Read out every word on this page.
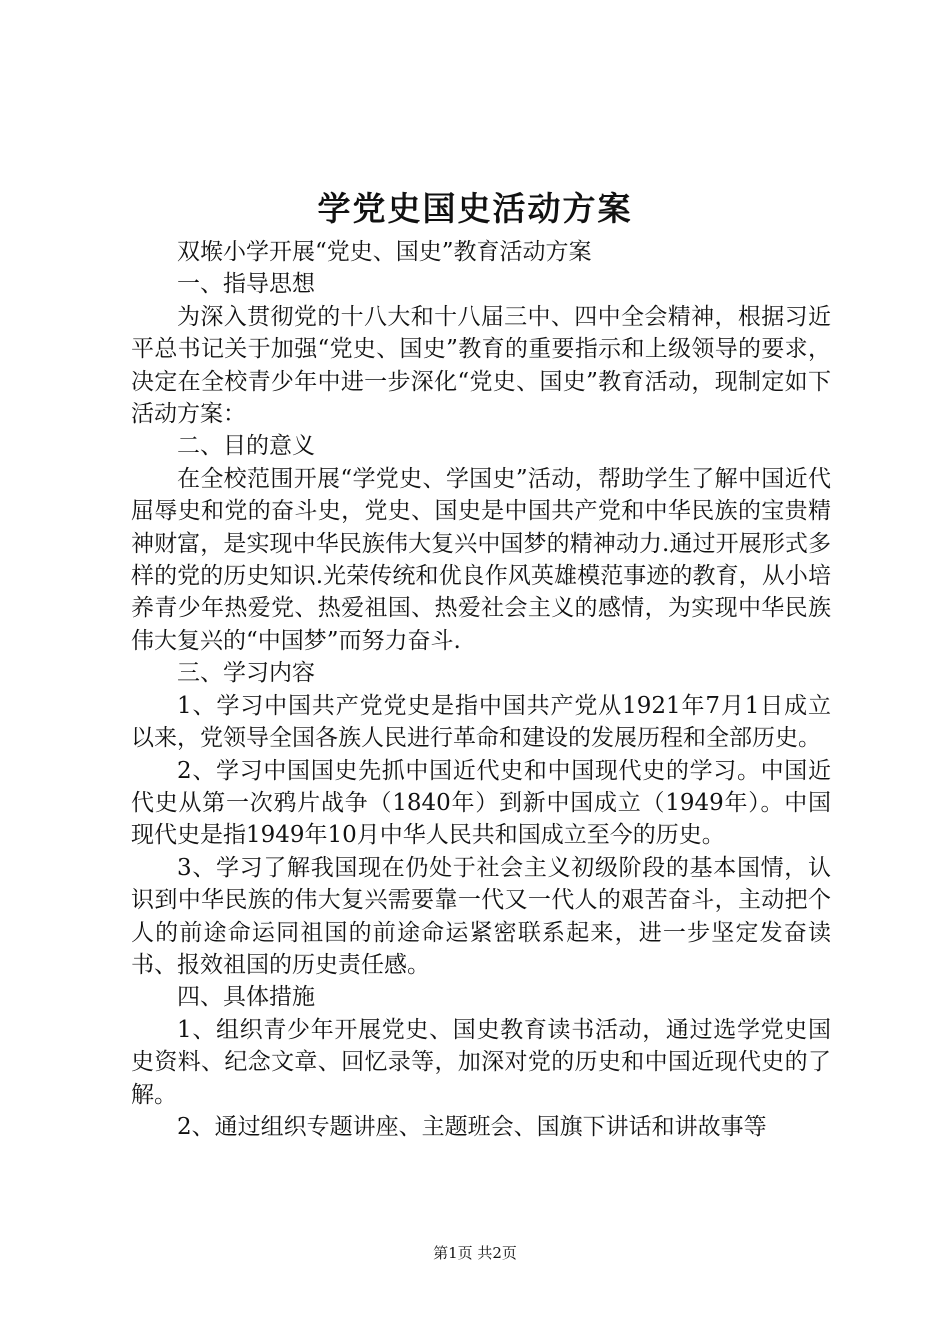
学党史国史活动方案

双堠小学开展“党史、国史”教育活动方案

一、指导思想

为深入贯彻党的十八大和十八届三中、四中全会精神，根据习近平总书记关于加强“党史、国史”教育的重要指示和上级领导的要求，决定在全校青少年中进一步深化“党史、国史”教育活动，现制定如下活动方案：

二、目的意义

在全校范围开展“学党史、学国史”活动，帮助学生了解中国近代屈辱史和党的奋斗史，党史、国史是中国共产党和中华民族的宝贵精神财富，是实现中华民族伟大复兴中国梦的精神动力.通过开展形式多样的党的历史知识.光荣传统和优良作风英雄模范事迹的教育，从小培养青少年热爱党、热爱祖国、热爱社会主义的感情，为实现中华民族伟大复兴的“中国梦”而努力奋斗.

三、学习内容

1、学习中国共产党党史是指中国共产党从1921年7月1日成立以来，党领导全国各族人民进行革命和建设的发展历程和全部历史。

2、学习中国国史先抓中国近代史和中国现代史的学习。中国近代史从第一次鸦片战争（1840年）到新中国成立（1949年）。中国现代史是指1949年10月中华人民共和国成立至今的历史。

3、学习了解我国现在仍处于社会主义初级阶段的基本国情，认识到中华民族的伟大复兴需要靠一代又一代人的艰苦奋斗，主动把个人的前途命运同祖国的前途命运紧密联系起来，进一步坚定发奋读书、报效祖国的历史责任感。

四、具体措施

1、组织青少年开展党史、国史教育读书活动，通过选学党史国史资料、纪念文章、回忆录等，加深对党的历史和中国近现代史的了解。

2、通过组织专题讲座、主题班会、国旗下讲话和讲故事等

第1页 共2页
